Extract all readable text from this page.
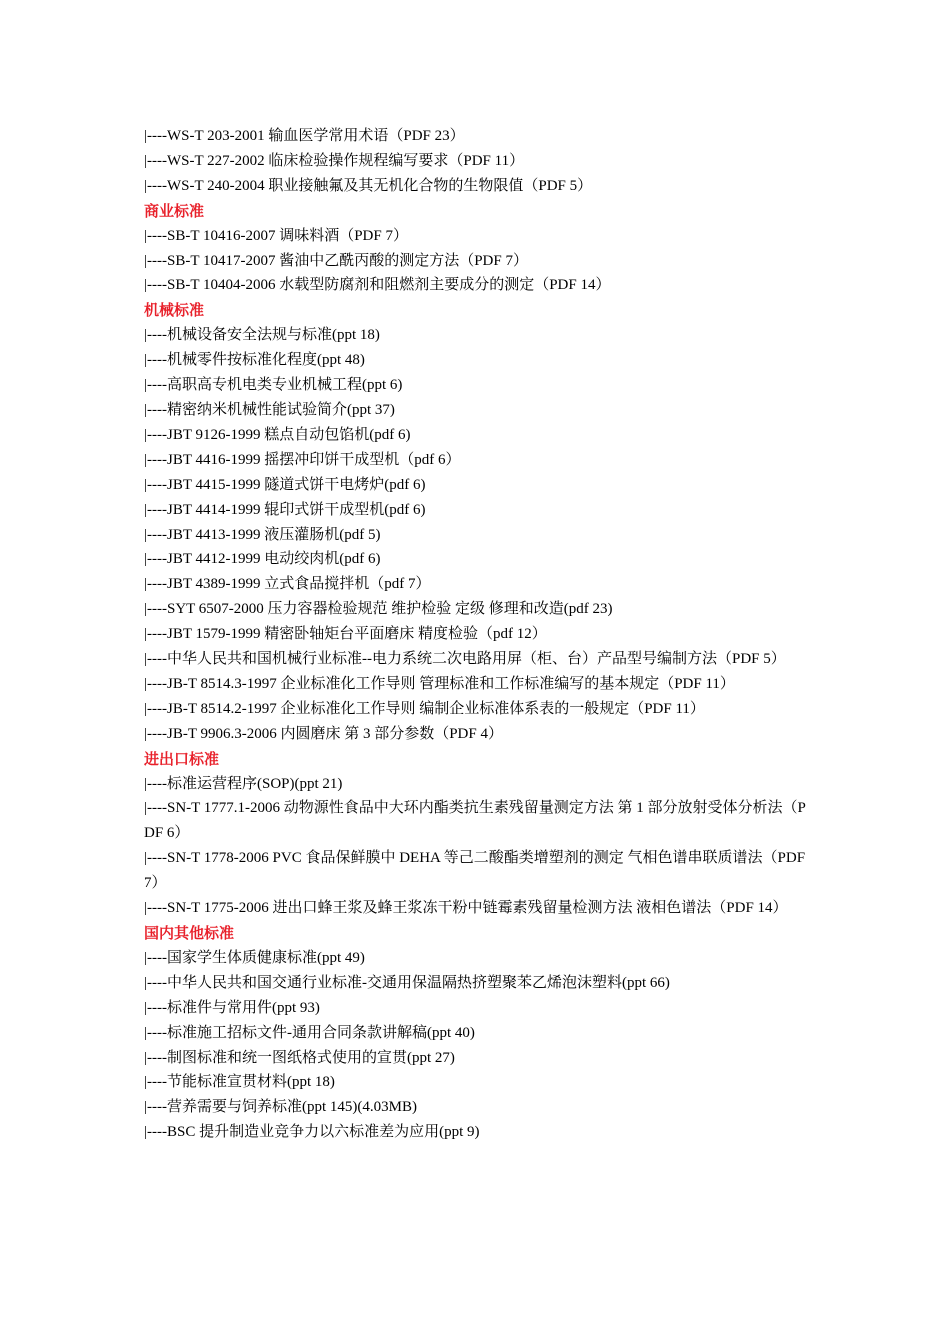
|----WS-T 203-2001 输血医学常用术语（PDF 23）

|----WS-T 227-2002 临床检验操作规程编写要求（PDF 11）

|----WS-T 240-2004 职业接触氟及其无机化合物的生物限值（PDF 5）

商业标准

|----SB-T 10416-2007 调味料酒（PDF 7）

|----SB-T 10417-2007 酱油中乙酰丙酸的测定方法（PDF 7）

|----SB-T 10404-2006 水载型防腐剂和阻燃剂主要成分的测定（PDF 14）

机械标准

|----机械设备安全法规与标准(ppt 18)

|----机械零件按标准化程度(ppt 48)

|----高职高专机电类专业机械工程(ppt 6)

|----精密纳米机械性能试验简介(ppt 37)

|----JBT 9126-1999 糕点自动包馅机(pdf 6)

|----JBT 4416-1999 摇摆冲印饼干成型机（pdf 6）

|----JBT 4415-1999 隧道式饼干电烤炉(pdf 6)

|----JBT 4414-1999 辊印式饼干成型机(pdf 6)

|----JBT 4413-1999 液压灌肠机(pdf 5)

|----JBT 4412-1999 电动绞肉机(pdf 6)

|----JBT 4389-1999 立式食品搅拌机（pdf 7）

|----SYT 6507-2000 压力容器检验规范 维护检验 定级 修理和改造(pdf 23)

|----JBT 1579-1999 精密卧轴矩台平面磨床 精度检验（pdf 12）

|----中华人民共和国机械行业标准--电力系统二次电路用屏（柜、台）产品型号编制方法（PDF 5）

|----JB-T 8514.3-1997 企业标准化工作导则 管理标准和工作标准编写的基本规定（PDF 11）

|----JB-T 8514.2-1997 企业标准化工作导则 编制企业标准体系表的一般规定（PDF 11）

|----JB-T 9906.3-2006 内圆磨床 第 3 部分参数（PDF 4）

进出口标准

|----标准运营程序(SOP)(ppt 21)

|----SN-T 1777.1-2006 动物源性食品中大环内酯类抗生素残留量测定方法 第 1 部分放射受体分析法（PDF 6）

|----SN-T 1778-2006 PVC 食品保鲜膜中 DEHA 等己二酸酯类增塑剂的测定 气相色谱串联质谱法（PDF 7）

|----SN-T 1775-2006 进出口蜂王浆及蜂王浆冻干粉中链霉素残留量检测方法 液相色谱法（PDF 14）

国内其他标准

|----国家学生体质健康标准(ppt 49)

|----中华人民共和国交通行业标准-交通用保温隔热挤塑聚苯乙烯泡沫塑料(ppt 66)

|----标准件与常用件(ppt 93)

|----标准施工招标文件-通用合同条款讲解稿(ppt 40)

|----制图标准和统一图纸格式使用的宣贯(ppt 27)

|----节能标准宣贯材料(ppt 18)

|----营养需要与饲养标准(ppt 145)(4.03MB)

|----BSC 提升制造业竞争力以六标准差为应用(ppt 9)
